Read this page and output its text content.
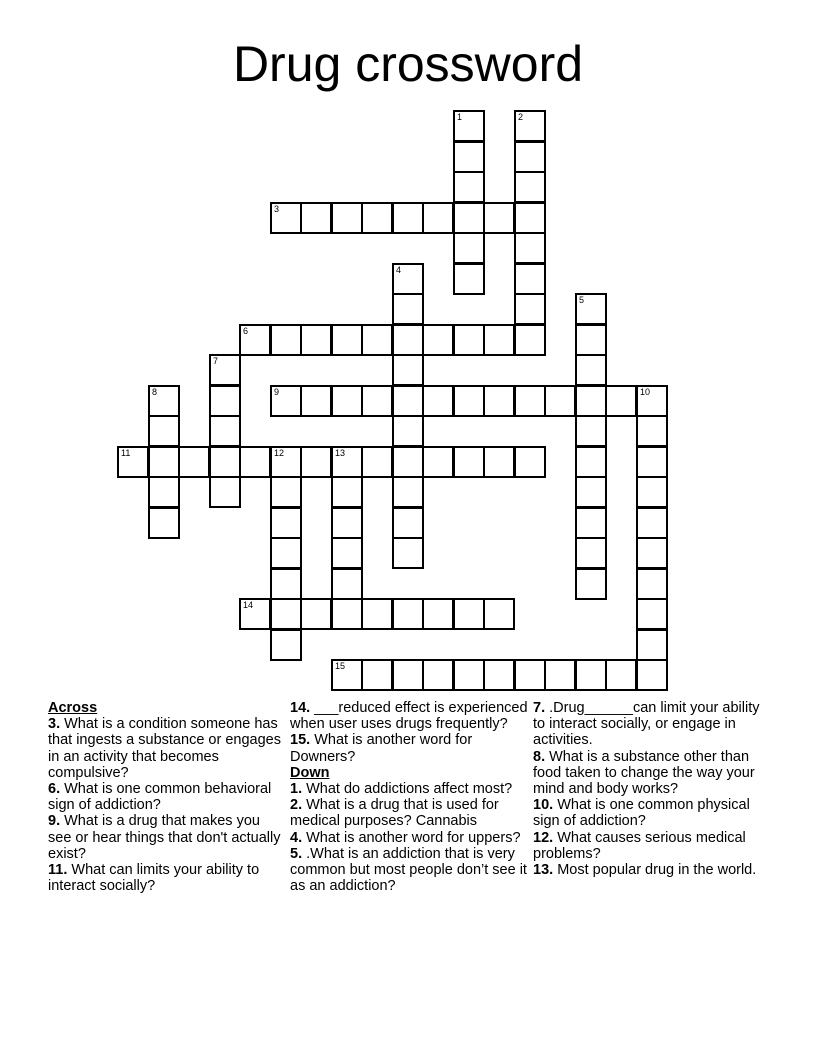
Drug crossword
1	2
3
4
5
6
7
8	9	10
11	12	13
14
15
Across
3. What is a condition someone has that ingests a substance or engages in an activity that becomes compulsive?
6. What is one common behavioral sign of addiction?
9. What is a drug that makes you see or hear things that don't actually exist?
11. What can limits your ability to interact socially?
14. ___reduced effect is experienced when user uses drugs frequently?
15. What is another word for Downers?
Down
1. What do addictions affect most?
2. What is a drug that is used for medical purposes? Cannabis
4. What is another word for uppers?
5. .What is an addiction that is very common but most people don’t see it as an addiction?
7. .Drug______can limit your ability to interact socially, or engage in activities.
8. What is a substance other than food taken to change the way your mind and body works?
10. What is one common physical sign of addiction?
12. What causes serious medical problems?
13. Most popular drug in the world.
